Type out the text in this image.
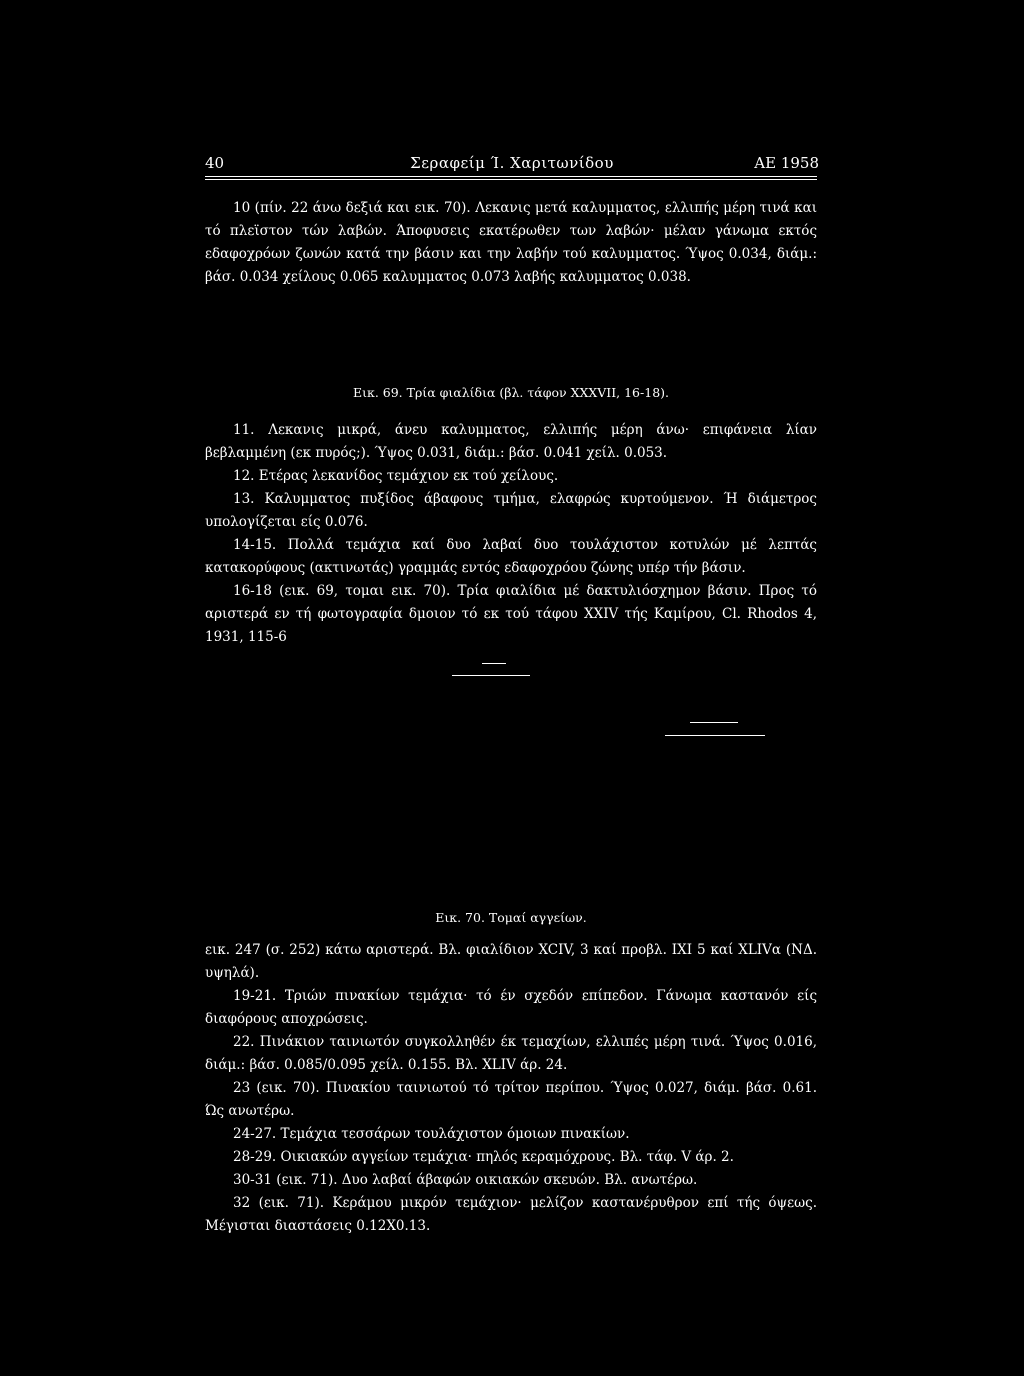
40	Σεραφείμ Ί. Χαριτωνίδου	ΑΕ 1958

10 (πίν. 22 άνω δεξιά και εικ. 70). Λεκανις μετά καλυμματος, ελλιπής μέρη τινά και τό πλεϊστον τών λαβών. Άποφυσεις εκατέρωθεν των λαβών· μέλαν γάνωμα εκτός εδαφοχρόων ζωνών κατά την βάσιν και την λαβήν τού καλυμματος. Ύψος 0.034, διάμ.: βάσ. 0.034 χείλους 0.065 καλυμματος 0.073 λαβής καλυμματος 0.038.

Εικ. 69. Τρία φιαλίδια (βλ. τάφον XXXVII, 16-18).

11. Λεκανις μικρά, άνευ καλυμματος, ελλιπής μέρη άνω· επιφάνεια λίαν βεβλαμμένη (εκ πυρός;). Ύψος 0.031, διάμ.: βάσ. 0.041 χείλ. 0.053.

12. Ετέρας λεκανίδος τεμάχιον εκ τού χείλους.

13. Καλυμματος πυξίδος άβαφους τμήμα, ελαφρώς κυρτούμενον. Ή διάμετρος υπολογίζεται είς 0.076.

14-15. Πολλά τεμάχια καί δυο λαβαί δυο τουλάχιστον κοτυλών μέ λεπτάς κατακορύφους (ακτινωτάς) γραμμάς εντός εδαφοχρόου ζώνης υπέρ τήν βάσιν.

16-18 (εικ. 69, τομαι εικ. 70). Τρία φιαλίδια μέ δακτυλιόσχημον βάσιν. Προς τό αριστερά εν τή φωτογραφία δμοιον τό εκ τού τάφου XXIV τής Καμίρου, Cl. Rhodos 4, 1931, 115-6

Εικ. 70. Τομαί αγγείων.

εικ. 247 (σ. 252) κάτω αριστερά. Βλ. φιαλίδιον XCIV, 3 καί προβλ. IXI 5 καί XLIVα (ΝΔ. υψηλά).

19-21. Τριών πινακίων τεμάχια· τό έν σχεδόν επίπεδον. Γάνωμα καστανόν είς διαφόρους αποχρώσεις.

22. Πινάκιον ταινιωτόν συγκολληθέν έκ τεμαχίων, ελλιπές μέρη τινά. Ύψος 0.016, διάμ.: βάσ. 0.085/0.095 χείλ. 0.155. Βλ. XLIV άρ. 24.

23 (εικ. 70). Πινακίου ταινιωτού τό τρίτον περίπου. Ύψος 0.027, διάμ. βάσ. 0.61. Ώς ανωτέρω.

24-27. Τεμάχια τεσσάρων τουλάχιστον όμοιων πινακίων.

28-29. Οικιακών αγγείων τεμάχια· πηλός κεραμόχρους. Βλ. τάφ. V άρ. 2.

30-31 (εικ. 71). Δυο λαβαί άβαφών οικιακών σκευών. Βλ. ανωτέρω.

32 (εικ. 71). Κεράμου μικρόν τεμάχιον· μελίζον καστανέρυθρον επί τής όψεως. Μέγισται διαστάσεις 0.12Χ0.13.
